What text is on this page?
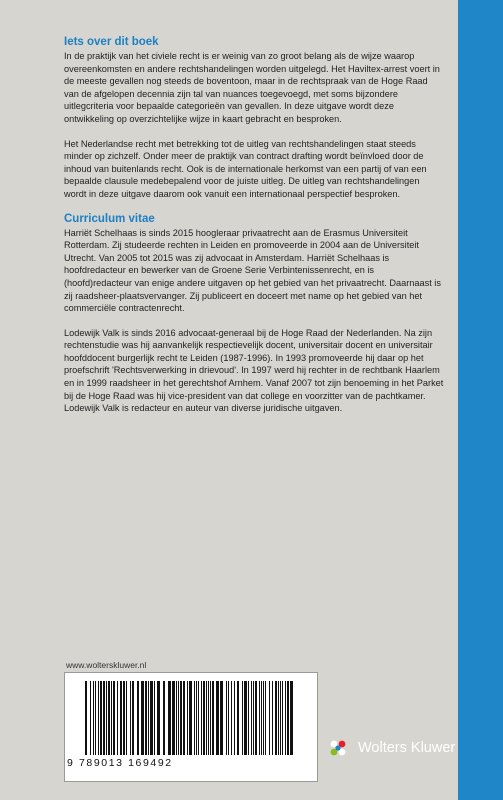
Iets over dit boek

In de praktijk van het civiele recht is er weinig van zo groot belang als de wijze waarop overeenkomsten en andere rechtshandelingen worden uitgelegd. Het Haviltex-arrest voert in de meeste gevallen nog steeds de boventoon, maar in de rechtspraak van de Hoge Raad van de afgelopen decennia zijn tal van nuances toegevoegd, met soms bijzondere uitlegcriteria voor bepaalde categorieën van gevallen. In deze uitgave wordt deze ontwikkeling op overzichtelijke wijze in kaart gebracht en besproken.

Het Nederlandse recht met betrekking tot de uitleg van rechtshandelingen staat steeds minder op zichzelf. Onder meer de praktijk van contract drafting wordt beïnvloed door de inhoud van buitenlands recht. Ook is de internationale herkomst van een partij of van een bepaalde clausule medebepalend voor de juiste uitleg. De uitleg van rechtshandelingen wordt in deze uitgave daarom ook vanuit een internationaal perspectief besproken.

Curriculum vitae

Harriët Schelhaas is sinds 2015 hoogleraar privaatrecht aan de Erasmus Universiteit Rotterdam. Zij studeerde rechten in Leiden en promoveerde in 2004 aan de Universiteit Utrecht. Van 2005 tot 2015 was zij advocaat in Amsterdam. Harriët Schelhaas is hoofdredacteur en bewerker van de Groene Serie Verbintenissenrecht, en is (hoofd)redacteur van enige andere uitgaven op het gebied van het privaatrecht. Daarnaast is zij raadsheer-plaatsvervanger. Zij publiceert en doceert met name op het gebied van het commerciële contractenrecht.

Lodewijk Valk is sinds 2016 advocaat-generaal bij de Hoge Raad der Nederlanden. Na zijn rechtenstudie was hij aanvankelijk respectievelijk docent, universitair docent en universitair hoofddocent burgerlijk recht te Leiden (1987-1996). In 1993 promoveerde hij daar op het proefschrift 'Rechtsverwerking in drievoud'. In 1997 werd hij rechter in de rechtbank Haarlem en in 1999 raadsheer in het gerechtshof Arnhem. Vanaf 2007 tot zijn benoeming in het Parket bij de Hoge Raad was hij vice-president van dat college en voorzitter van de pachtkamer. Lodewijk Valk is redacteur en auteur van diverse juridische uitgaven.

www.wolterskluwer.nl
9 789013 169492
Wolters Kluwer
